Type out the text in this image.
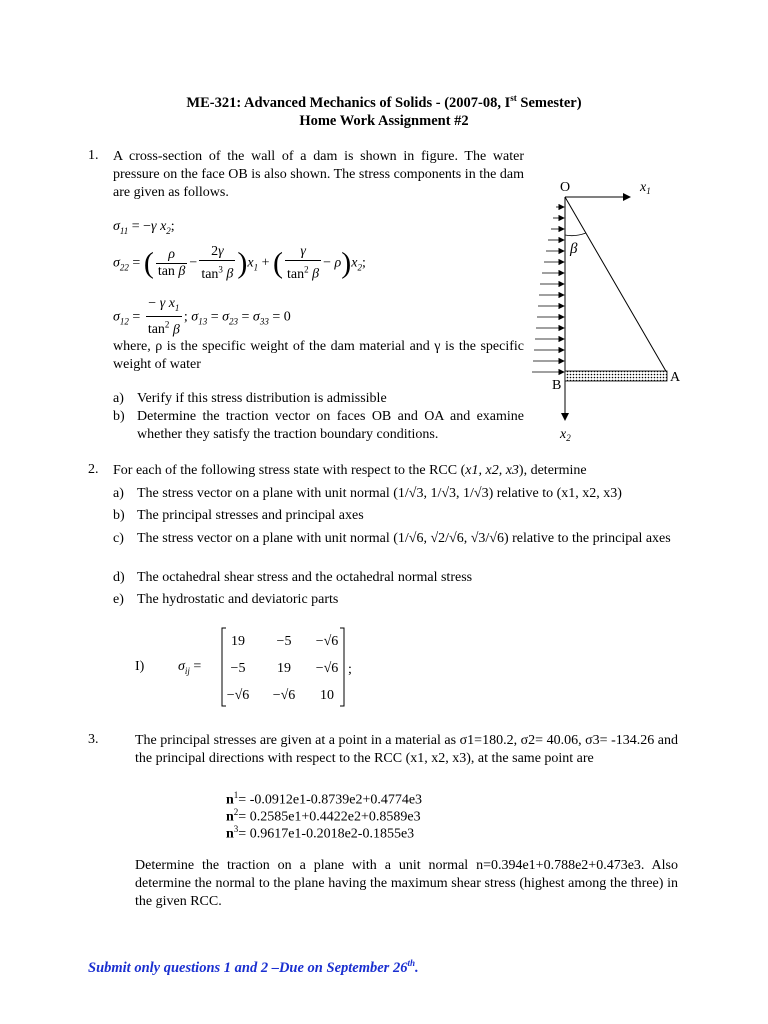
ME-321: Advanced Mechanics of Solids - (2007-08, Ist Semester)
Home Work Assignment #2
1. A cross-section of the wall of a dam is shown in figure. The water pressure on the face OB is also shown. The stress components in the dam are given as follows.
$\sigma_{11} = -\gamma$ $x_2$;
$\sigma_{22}$ = ( $\frac{\rho}{\text{tan β}} - \frac{2\gamma}{\tan^3 \beta} )x_1$ + ( $\frac{\gamma}{\tan^2 \beta} - \rho)x_2$;
$\sigma_{12} = \frac{- \gamma x_1}{\tan^2 \beta}$ ; $\sigma_{13} = \sigma_{23} = \sigma_{33} = 0$
where, ρ is the specific weight of the dam material and γ is the specific weight of water
a) Verify if this stress distribution is admissible
b) Determine the traction vector on faces OB and OA and examine whether they satisfy the traction boundary conditions.
O	$x_1$
β
A
B
$x_2$
2. For each of the following stress state with respect to the RCC (x1, x2, x3), determine
a) The stress vector on a plane with unit normal (1/√3, 1/√3, 1/√3) relative to (x1, x2, x3)
b) The principal stresses and principal axes
c) The stress vector on a plane with unit normal (1/√6, √2/√6, √3/√6) relative to the principal axes
d) The octahedral shear stress and the octahedral normal stress
e) The hydrostatic and deviatoric parts
I) $\sigma_{ij}$ =	;
19 −5 −√6
−5 19 −√6
−√6 −√6 10
3.	The principal stresses are given at a point in a material as σ1=180.2, σ2= 40.06, σ3= -134.26 and the principal directions with respect to the RCC (x1, x2, x3), at the same point are
$n^1= -0.0912e1-0.8739e2+0.4774e3$
$n^2= 0.2585e1+0.4422e2+0.8589e3$
$n^3= 0.9617e1-0.2018e2-0.1855e3$
Determine the traction on a plane with a unit normal n=0.394e1+0.788e2+0.473e3. Also determine the normal to the plane having the maximum shear stress (highest among the three) in the given RCC.
Submit only questions 1 and 2 –Due on September 26th.
